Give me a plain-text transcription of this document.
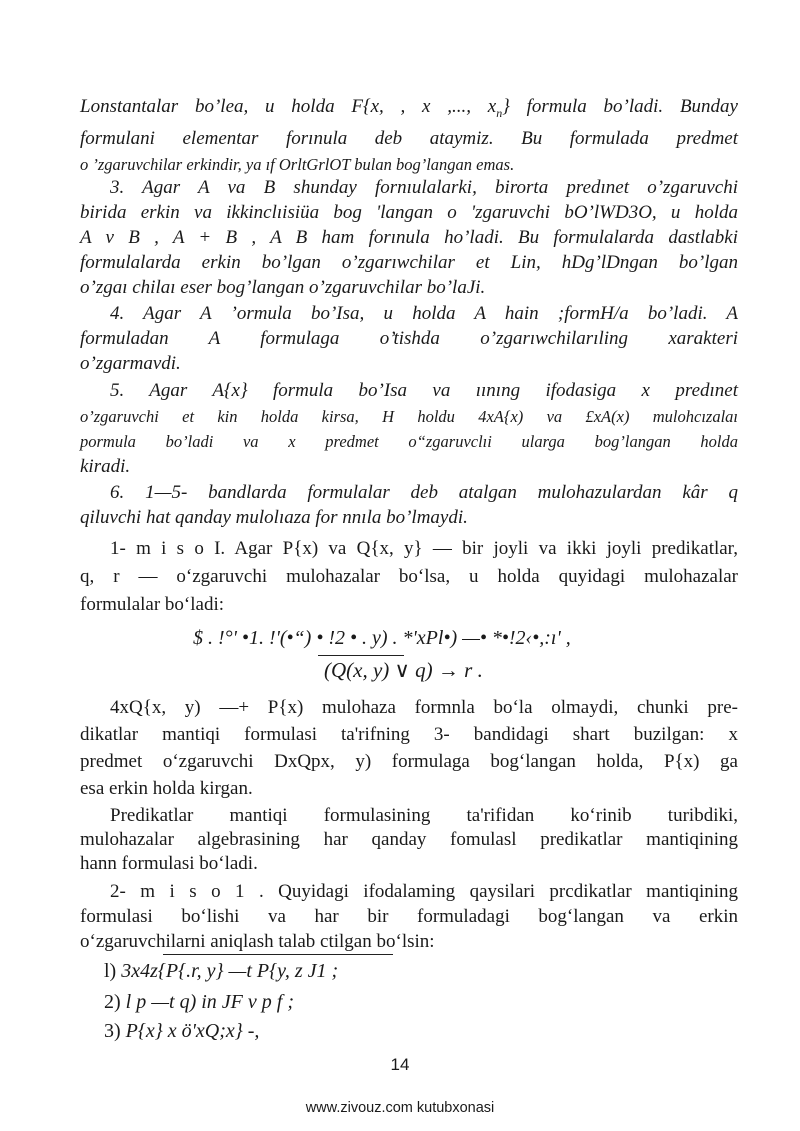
Lonstantalar bo’lea, u holda F{x, , x ,..., $x_n$} formula bo’ladi. Bunday
formulani elementar forınula deb ataymiz. Bu formulada predmet
o ’zgaruvchilar erkindir, ya ıf OrltGrlOT bulan bog’langan emas.
3. Agar A va B shunday fornıulalarki, birorta predınet o’zgaruvchi
birida erkin va ikkinclıisiüa bog 'langan o 'zgaruvchi bO’lWD3O, u holda
A v B , A + B , A B ham forınula ho’ladi. Bu formulalarda dastlabki
formulalarda erkin bo’lgan o’zgarıwchilar et Lin, hDg’lDngan bo’lgan
o’zgaı chilaı eser bog’langan o’zgaruvchilar bo’laJi.
4. Agar A ’ormula bo’Isa, u holda A hain ;formH/a bo’ladi. A
formuladan A formulaga o’tishda o’zgarıwchilarıling xarakteri
o’zgarmavdi.
5. Agar A{x} formula bo’Isa va ıınıng ifodasiga x predınet
o’zgaruvchi et kin holda kirsa, H holdu 4xA{x) va £xA(x) mulohcızalaı
pormula bo’ladi va x predmet o“zgaruvclıi ularga bog’langan holda
kiradi.
6. 1—5- bandlarda formulalar deb atalgan mulohazulardan kâr q
qiluvchi hat qanday mulolıaza for nnıla bo’lmaydi.
1- m i s o I. Agar P{x) va Q{x, y} — bir joyli va ikki joyli predikatlar,
q, r — o‘zgaruvchi mulohazalar bo‘lsa, u holda quyidagi mulohazalar
formulalar bo‘ladi:
$ . !°' •1. !'(•“) • !2 • . y) . *'xPl•) —• *•!2‹•,:ı' ,
(Q(x, y) ∨ q) → r .
4xQ{x, y) —+ P{x) mulohaza formnla bo‘la olmaydi, chunki pre-
dikatlar mantiqi formulasi ta'rifning 3- bandidagi shart buzilgan: x
predmet o‘zgaruvchi DxQpx, y) formulaga bog‘langan holda, P{x) ga
esa erkin holda kirgan.
Predikatlar mantiqi formulasining ta'rifidan ko‘rinib turibdiki,
mulohazalar algebrasining har qanday fomulasl predikatlar mantiqining
hann formulasi bo‘ladi.
2- m i s o 1 . Quyidagi ifodalaming qaysilari prcdikatlar mantiqining
formulasi bo‘lishi va har bir formuladagi bog‘langan va erkin
o‘zgaruvchilarni aniqlash talab ctilgan bo‘lsin:
l) 3x4z{P{.r, y} —t P{y, z J1 ;
2) l p —t q) in JF v p f ;
3) P{x} x ö'xQ;x} -,
14
www.zivouz.com kutubxonasi
